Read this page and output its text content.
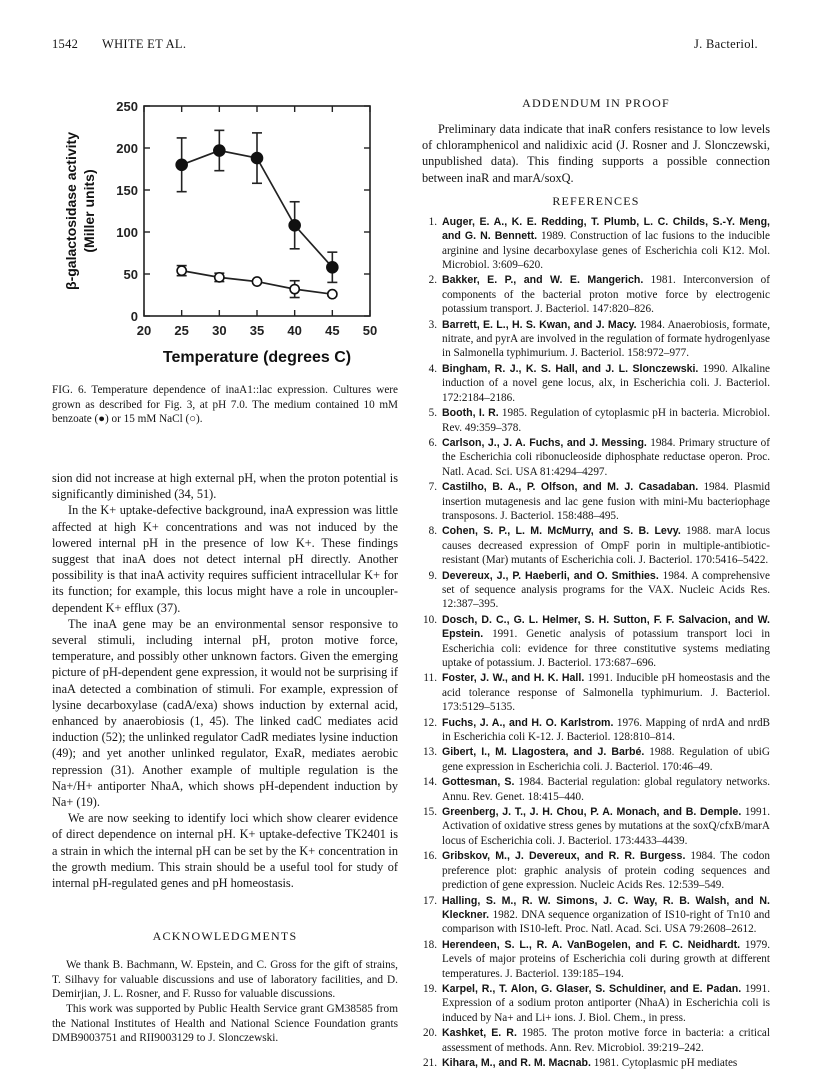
1542 WHITE ET AL.	J. Bacteriol.
20 25 30 35 40 45 50
0
50
100
150
200
250
Temperature (degrees C)
β-galactosidase activity (Miller units)

FIG. 6. Temperature dependence of inaA1::lac expression. Cultures were grown as described for Fig. 3, at pH 7.0. The medium contained 10 mM benzoate (●) or 15 mM NaCl (○).

sion did not increase at high external pH, when the proton potential is significantly diminished (34, 51).

In the K+ uptake-defective background, inaA expression was little affected at high K+ concentrations and was not induced by the lowered internal pH in the presence of low K+. These findings suggest that inaA does not detect internal pH directly. Another possibility is that inaA activity requires sufficient intracellular K+ for its function; for example, this locus might have a role in uncoupler-dependent K+ efflux (37).

The inaA gene may be an environmental sensor responsive to several stimuli, including internal pH, proton motive force, temperature, and possibly other unknown factors. Given the emerging picture of pH-dependent gene expression, it would not be surprising if inaA detected a combination of stimuli. For example, expression of lysine decarboxylase (cadA/exa) shows induction by external acid, enhanced by anaerobiosis (1, 45). The linked cadC mediates acid induction (52); the unlinked regulator CadR mediates lysine induction (49); and yet another unlinked regulator, ExaR, mediates aerobic repression (31). Another example of multiple regulation is the Na+/H+ antiporter NhaA, which shows pH-dependent induction by Na+ (19).

We are now seeking to identify loci which show clearer evidence of direct dependence on internal pH. K+ uptake-defective TK2401 is a strain in which the internal pH can be set by the K+ concentration in the growth medium. This strain should be a useful tool for study of internal pH-regulated genes and pH homeostasis.

ACKNOWLEDGMENTS

We thank B. Bachmann, W. Epstein, and C. Gross for the gift of strains, T. Silhavy for valuable discussions and use of laboratory facilities, and D. Demirjian, J. L. Rosner, and F. Russo for valuable discussions.

This work was supported by Public Health Service grant GM38585 from the National Institutes of Health and National Science Foundation grants DMB9003751 and RII9003129 to J. Slonczewski.

ADDENDUM IN PROOF

Preliminary data indicate that inaR confers resistance to low levels of chloramphenicol and nalidixic acid (J. Rosner and J. Slonczewski, unpublished data). This finding supports a possible connection between inaR and marA/soxQ.

REFERENCES

1. Auger, E. A., K. E. Redding, T. Plumb, L. C. Childs, S.-Y. Meng, and G. N. Bennett. 1989. Construction of lac fusions to the inducible arginine and lysine decarboxylase genes of Escherichia coli K12. Mol. Microbiol. 3:609–620.
2. Bakker, E. P., and W. E. Mangerich. 1981. Interconversion of components of the bacterial proton motive force by electrogenic potassium transport. J. Bacteriol. 147:820–826.
3. Barrett, E. L., H. S. Kwan, and J. Macy. 1984. Anaerobiosis, formate, nitrate, and pyrA are involved in the regulation of formate hydrogenlyase in Salmonella typhimurium. J. Bacteriol. 158:972–977.
4. Bingham, R. J., K. S. Hall, and J. L. Slonczewski. 1990. Alkaline induction of a novel gene locus, alx, in Escherichia coli. J. Bacteriol. 172:2184–2186.
5. Booth, I. R. 1985. Regulation of cytoplasmic pH in bacteria. Microbiol. Rev. 49:359–378.
6. Carlson, J., J. A. Fuchs, and J. Messing. 1984. Primary structure of the Escherichia coli ribonucleoside diphosphate reductase operon. Proc. Natl. Acad. Sci. USA 81:4294–4297.
7. Castilho, B. A., P. Olfson, and M. J. Casadaban. 1984. Plasmid insertion mutagenesis and lac gene fusion with mini-Mu bacteriophage transposons. J. Bacteriol. 158:488–495.
8. Cohen, S. P., L. M. McMurry, and S. B. Levy. 1988. marA locus causes decreased expression of OmpF porin in multiple-antibiotic-resistant (Mar) mutants of Escherichia coli. J. Bacteriol. 170:5416–5422.
9. Devereux, J., P. Haeberli, and O. Smithies. 1984. A comprehensive set of sequence analysis programs for the VAX. Nucleic Acids Res. 12:387–395.
10. Dosch, D. C., G. L. Helmer, S. H. Sutton, F. F. Salvacion, and W. Epstein. 1991. Genetic analysis of potassium transport loci in Escherichia coli: evidence for three constitutive systems mediating uptake of potassium. J. Bacteriol. 173:687–696.
11. Foster, J. W., and H. K. Hall. 1991. Inducible pH homeostasis and the acid tolerance response of Salmonella typhimurium. J. Bacteriol. 173:5129–5135.
12. Fuchs, J. A., and H. O. Karlstrom. 1976. Mapping of nrdA and nrdB in Escherichia coli K-12. J. Bacteriol. 128:810–814.
13. Gibert, I., M. Llagostera, and J. Barbé. 1988. Regulation of ubiG gene expression in Escherichia coli. J. Bacteriol. 170:46–49.
14. Gottesman, S. 1984. Bacterial regulation: global regulatory networks. Annu. Rev. Genet. 18:415–440.
15. Greenberg, J. T., J. H. Chou, P. A. Monach, and B. Demple. 1991. Activation of oxidative stress genes by mutations at the soxQ/cfxB/marA locus of Escherichia coli. J. Bacteriol. 173:4433–4439.
16. Gribskov, M., J. Devereux, and R. R. Burgess. 1984. The codon preference plot: graphic analysis of protein coding sequences and prediction of gene expression. Nucleic Acids Res. 12:539–549.
17. Halling, S. M., R. W. Simons, J. C. Way, R. B. Walsh, and N. Kleckner. 1982. DNA sequence organization of IS10-right of Tn10 and comparison with IS10-left. Proc. Natl. Acad. Sci. USA 79:2608–2612.
18. Herendeen, S. L., R. A. VanBogelen, and F. C. Neidhardt. 1979. Levels of major proteins of Escherichia coli during growth at different temperatures. J. Bacteriol. 139:185–194.
19. Karpel, R., T. Alon, G. Glaser, S. Schuldiner, and E. Padan. 1991. Expression of a sodium proton antiporter (NhaA) in Escherichia coli is induced by Na+ and Li+ ions. J. Biol. Chem., in press.
20. Kashket, E. R. 1985. The proton motive force in bacteria: a critical assessment of methods. Ann. Rev. Microbiol. 39:219–242.
21. Kihara, M., and R. M. Macnab. 1981. Cytoplasmic pH mediates
